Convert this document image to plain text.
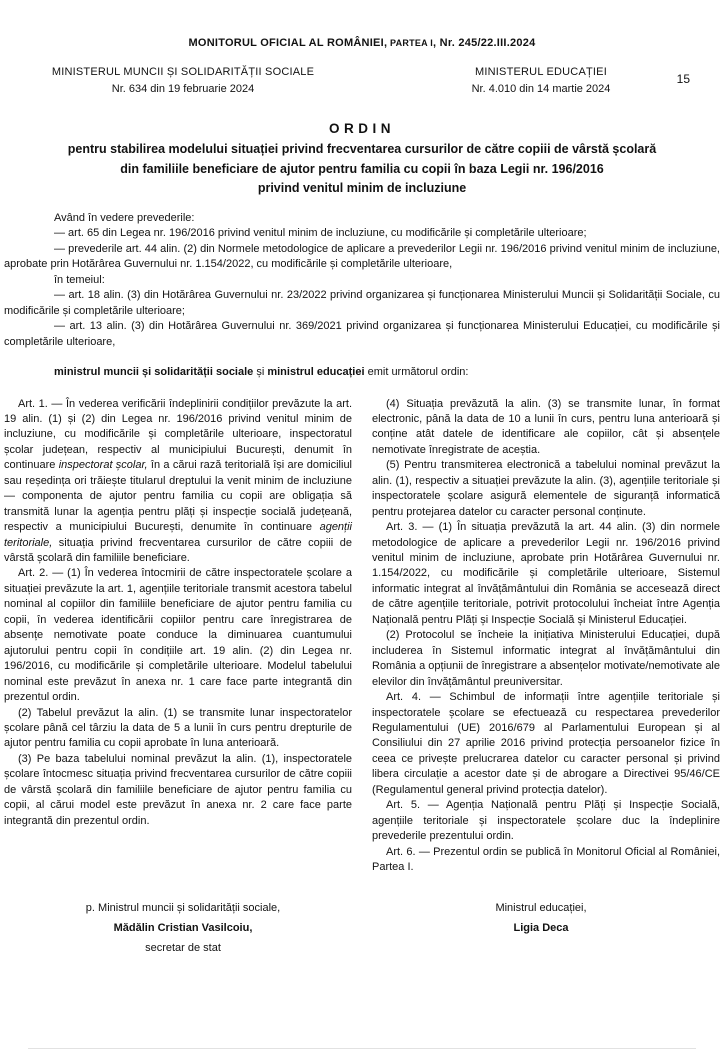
MONITORUL OFICIAL AL ROMÂNIEI, PARTEA I, Nr. 245/22.III.2024
15
MINISTERUL MUNCII ȘI SOLIDARITĂȚII SOCIALE
Nr. 634 din 19 februarie 2024
MINISTERUL EDUCAȚIEI
Nr. 4.010 din 14 martie 2024
ORDIN
pentru stabilirea modelului situației privind frecventarea cursurilor de către copiii de vârstă școlară
din familiile beneficiare de ajutor pentru familia cu copii în baza Legii nr. 196/2016
privind venitul minim de incluziune

Având în vedere prevederile:

— art. 65 din Legea nr. 196/2016 privind venitul minim de incluziune, cu modificările și completările ulterioare;

— prevederile art. 44 alin. (2) din Normele metodologice de aplicare a prevederilor Legii nr. 196/2016 privind venitul minim de incluziune, aprobate prin Hotărârea Guvernului nr. 1.154/2022, cu modificările și completările ulterioare,

în temeiul:

— art. 18 alin. (3) din Hotărârea Guvernului nr. 23/2022 privind organizarea și funcționarea Ministerului Muncii și Solidarității Sociale, cu modificările și completările ulterioare;

— art. 13 alin. (3) din Hotărârea Guvernului nr. 369/2021 privind organizarea și funcționarea Ministerului Educației, cu modificările și completările ulterioare,

ministrul muncii și solidarității sociale și ministrul educației emit următorul ordin:

Art. 1. — În vederea verificării îndeplinirii condițiilor prevăzute la art. 19 alin. (1) și (2) din Legea nr. 196/2016 privind venitul minim de incluziune, cu modificările și completările ulterioare, inspectoratul școlar județean, respectiv al municipiului București, denumit în continuare inspectorat școlar, în a cărui rază teritorială își are domiciliul sau reședința ori trăiește titularul dreptului la venit minim de incluziune — componenta de ajutor pentru familia cu copii are obligația să transmită lunar la agenția pentru plăți și inspecție socială județeană, respectiv a municipiului București, denumite în continuare agenții teritoriale, situația privind frecventarea cursurilor de către copiii de vârstă școlară din familiile beneficiare.

Art. 2. — (1) În vederea întocmirii de către inspectoratele școlare a situației prevăzute la art. 1, agențiile teritoriale transmit acestora tabelul nominal al copiilor din familiile beneficiare de ajutor pentru familia cu copii, în vederea identificării copiilor pentru care înregistrarea de absențe nemotivate poate conduce la diminuarea cuantumului ajutorului pentru copii în condițiile art. 19 alin. (2) din Legea nr. 196/2016, cu modificările și completările ulterioare. Modelul tabelului nominal este prevăzut în anexa nr. 1 care face parte integrantă din prezentul ordin.

(2) Tabelul prevăzut la alin. (1) se transmite lunar inspectoratelor școlare până cel târziu la data de 5 a lunii în curs pentru drepturile de ajutor pentru familia cu copii aprobate în luna anterioară.

(3) Pe baza tabelului nominal prevăzut la alin. (1), inspectoratele școlare întocmesc situația privind frecventarea cursurilor de către copiii de vârstă școlară din familiile beneficiare de ajutor pentru familia cu copii, al cărui model este prevăzut în anexa nr. 2 care face parte integrantă din prezentul ordin.

(4) Situația prevăzută la alin. (3) se transmite lunar, în format electronic, până la data de 10 a lunii în curs, pentru luna anterioară și conține atât datele de identificare ale copiilor, cât și absențele nemotivate înregistrate de aceștia.

(5) Pentru transmiterea electronică a tabelului nominal prevăzut la alin. (1), respectiv a situației prevăzute la alin. (3), agențiile teritoriale și inspectoratele școlare asigură elementele de siguranță informatică pentru protejarea datelor cu caracter personal conținute.

Art. 3. — (1) În situația prevăzută la art. 44 alin. (3) din normele metodologice de aplicare a prevederilor Legii nr. 196/2016 privind venitul minim de incluziune, aprobate prin Hotărârea Guvernului nr. 1.154/2022, cu modificările și completările ulterioare, Sistemul informatic integrat al învățământului din România se accesează direct de către agențiile teritoriale, potrivit protocolului încheiat între Agenția Națională pentru Plăți și Inspecție Socială și Ministerul Educației.

(2) Protocolul se încheie la inițiativa Ministerului Educației, după includerea în Sistemul informatic integrat al învățământului din România a opțiunii de înregistrare a absențelor motivate/nemotivate ale elevilor din învățământul preuniversitar.

Art. 4. — Schimbul de informații între agențiile teritoriale și inspectoratele școlare se efectuează cu respectarea prevederilor Regulamentului (UE) 2016/679 al Parlamentului European și al Consiliului din 27 aprilie 2016 privind protecția persoanelor fizice în ceea ce privește prelucrarea datelor cu caracter personal și privind libera circulație a acestor date și de abrogare a Directivei 95/46/CE (Regulamentul general privind protecția datelor).

Art. 5. — Agenția Națională pentru Plăți și Inspecție Socială, agențiile teritoriale și inspectoratele școlare duc la îndeplinire prevederile prezentului ordin.

Art. 6. — Prezentul ordin se publică în Monitorul Oficial al României, Partea I.

p. Ministrul muncii și solidarității sociale,
Mădălin Cristian Vasilcoiu,
secretar de stat
Ministrul educației,
Ligia Deca
